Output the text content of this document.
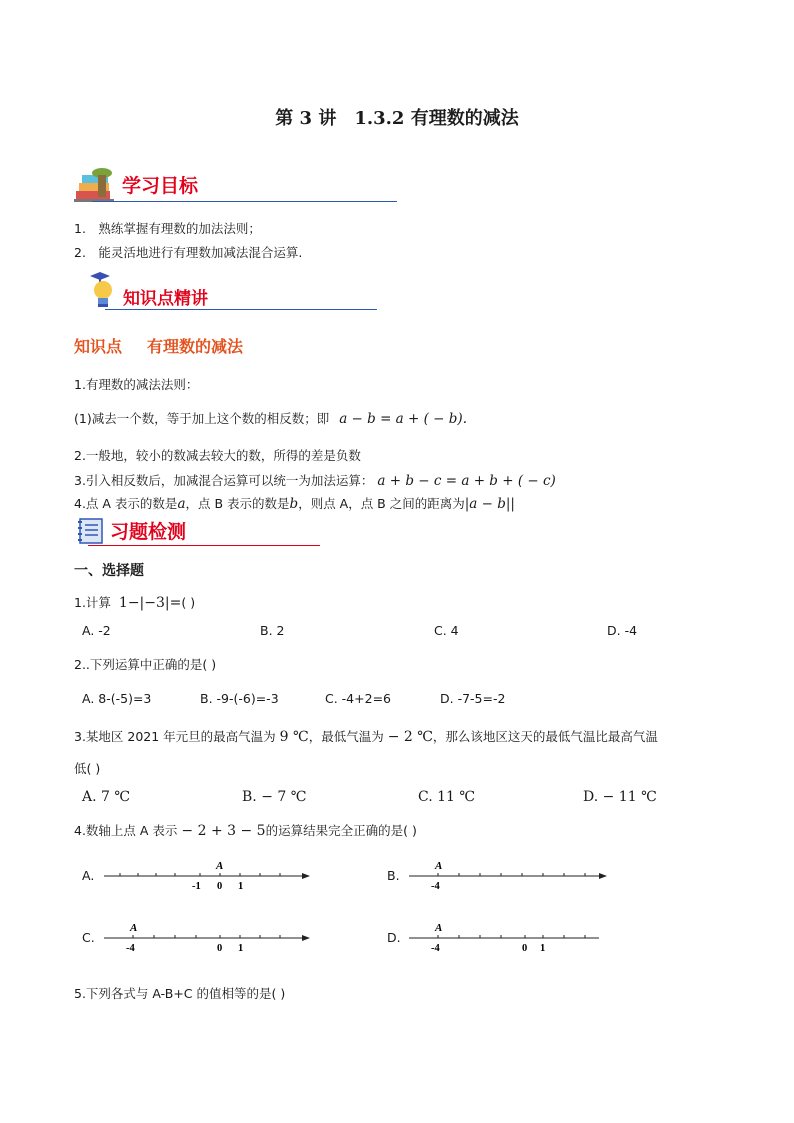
第 3 讲　1.3.2 有理数的减法
学习目标
1.　熟练掌握有理数的加法法则；
2.　能灵活地进行有理数加减法混合运算.
知识点精讲
知识点 有理数的减法
1.有理数的减法法则：
(1)减去一个数，等于加上这个数的相反数；即 a − b = a + ( − b).
2.一般地，较小的数减去较大的数，所得的差是负数
3.引入相反数后，加减混合运算可以统一为加法运算： a + b − c = a + b + ( − c)
4.点 A 表示的数是a，点 B 表示的数是b，则点 A，点 B 之间的距离为|a − b||
习题检测
一、选择题
1.计算 1−|−3|=( )
A. -2	B. 2	C. 4	D. -4
2..下列运算中正确的是( )
A. 8-(-5)=3	B. -9-(-6)=-3	C. -4+2=6	D. -7-5=-2
3.某地区 2021 年元旦的最高气温为 9 ℃，最低气温为 − 2 ℃，那么该地区这天的最低气温比最高气温
低( )
A. 7 ℃	B. − 7 ℃	C. 11 ℃	D. − 11 ℃
4.数轴上点 A 表示 − 2 + 3 − 5的运算结果完全正确的是( )
A.	B.
C.	D.
A
-1 0 1
A
-4
A
-4	0 1
A
-4	0 1
5.下列各式与 A-B+C 的值相等的是( )
